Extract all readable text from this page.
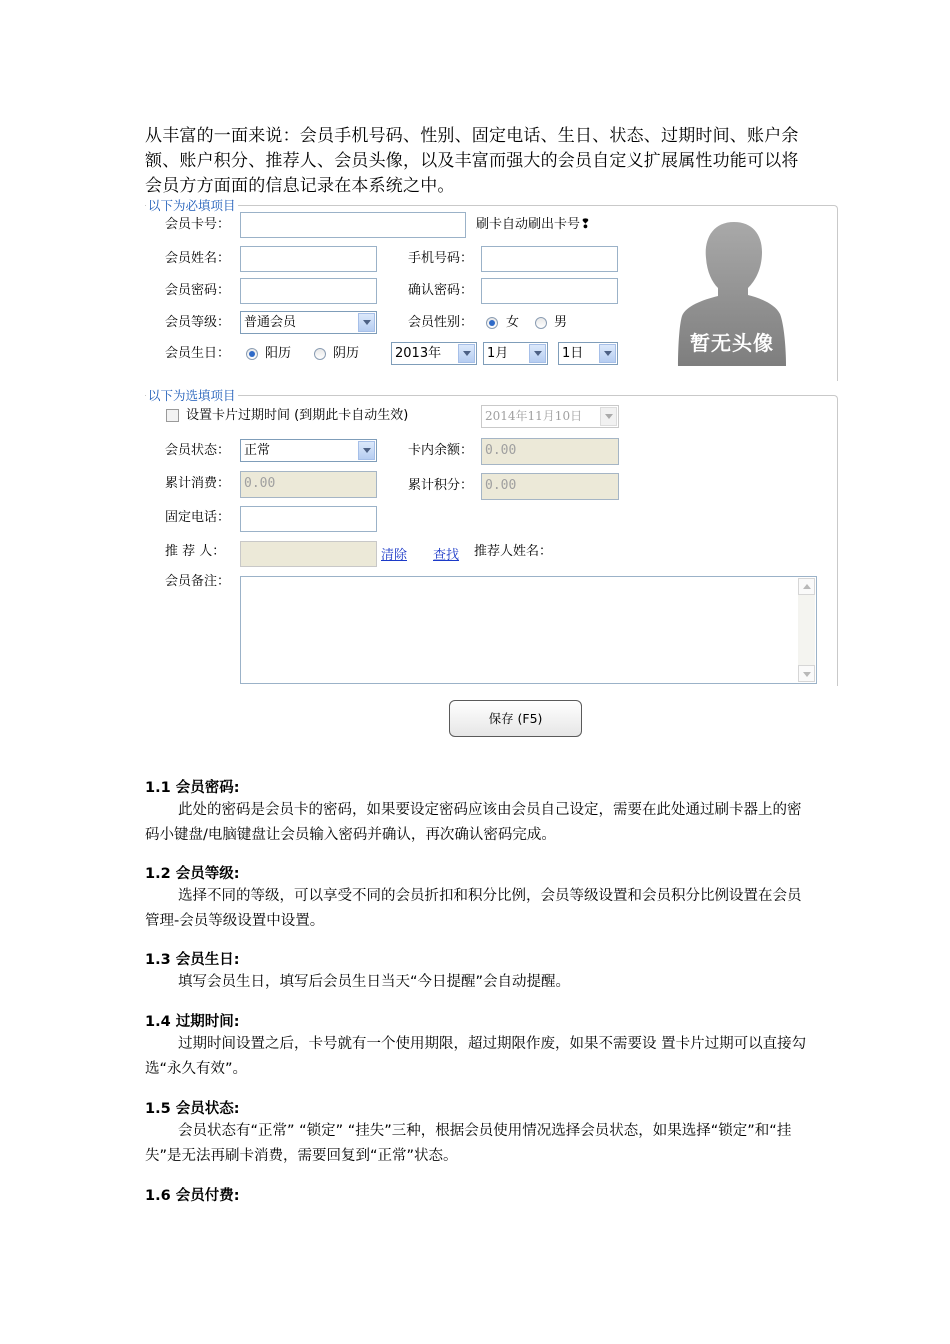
从丰富的一面来说：会员手机号码、性别、固定电话、生日、状态、过期时间、账户余额、账户积分、推荐人、会员头像，以及丰富而强大的会员自定义扩展属性功能可以将会员方方面面的信息记录在本系统之中。

以下为必填项目
会员卡号：	刷卡自动刷出卡号❢
会员姓名：	手机号码：
会员密码：	确认密码：
会员等级：	普通会员	会员性别：	女	男
会员生日：	阳历	阴历	2013年	1月	1日	暂无头像
以下为选填项目
设置卡片过期时间 (到期此卡自动生效)	2014年11月10日
会员状态：	正常	卡内余额： 0.00
累计消费：	0.00	累计积分： 0.00
固定电话：
推 荐 人：	清除 查找 推荐人姓名：
会员备注：
保存 (F5)
1.1 会员密码:

此处的密码是会员卡的密码，如果要设定密码应该由会员自己设定，需要在此处通过刷卡器上的密码小键盘/电脑键盘让会员输入密码并确认，再次确认密码完成。

1.2 会员等级:

选择不同的等级，可以享受不同的会员折扣和积分比例，会员等级设置和会员积分比例设置在会员管理-会员等级设置中设置。

1.3 会员生日:

填写会员生日，填写后会员生日当天“今日提醒”会自动提醒。

1.4 过期时间:

过期时间设置之后，卡号就有一个使用期限，超过期限作废，如果不需要设 置卡片过期可以直接勾选“永久有效”。

1.5 会员状态:

会员状态有“正常” “锁定” “挂失”三种，根据会员使用情况选择会员状态，如果选择“锁定”和“挂失”是无法再刷卡消费，需要回复到“正常”状态。

1.6 会员付费:
